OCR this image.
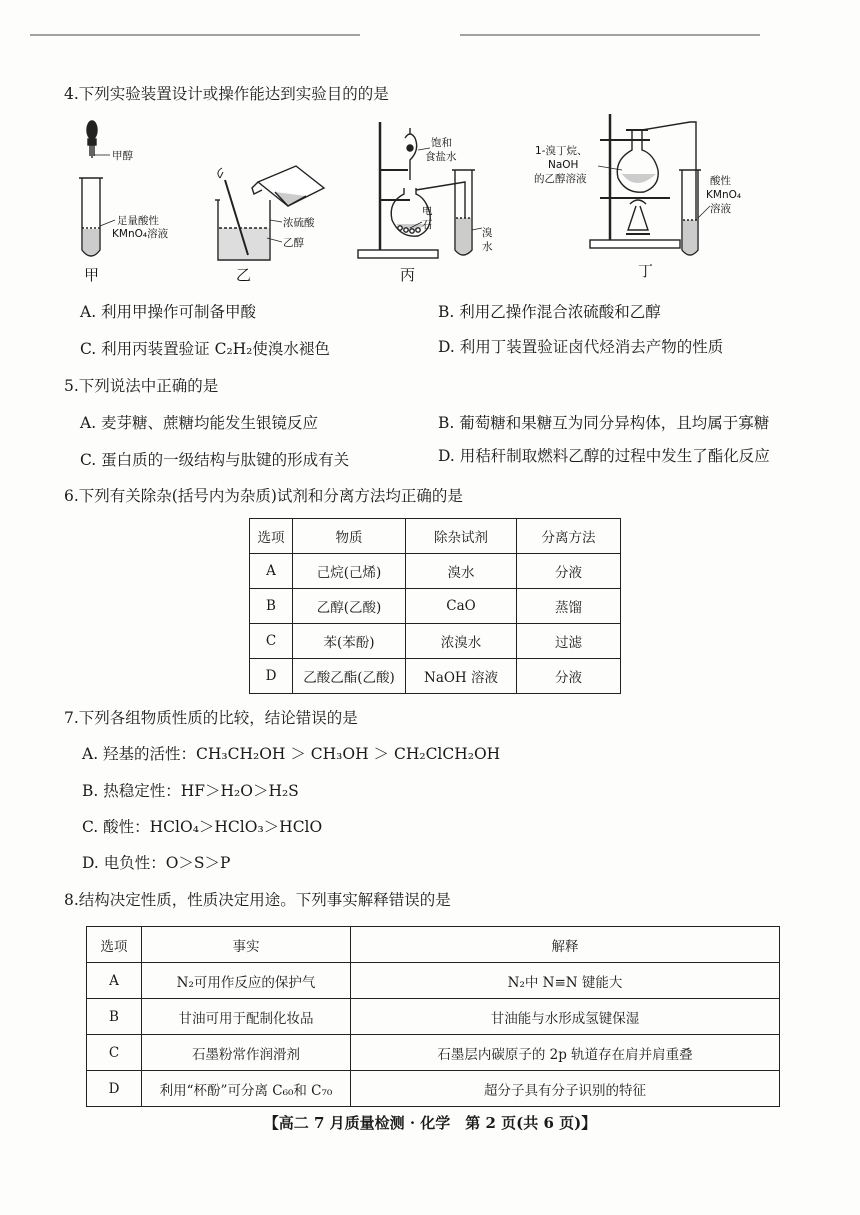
4.下列实验装置设计或操作能达到实验目的的是
甲醇
足量酸性
KMnO₄溶液
甲
浓硫酸
乙醇
乙
饱和
食盐水
电
石
溴
水
丙
1-溴丁烷、
NaOH
的乙醇溶液	酸性
KMnO₄
溶液
丁
A. 利用甲操作可制备甲酸	B. 利用乙操作混合浓硫酸和乙醇
C. 利用丙装置验证 C₂H₂使溴水褪色	D. 利用丁装置验证卤代烃消去产物的性质
5.下列说法中正确的是
A. 麦芽糖、蔗糖均能发生银镜反应	B. 葡萄糖和果糖互为同分异构体，且均属于寡糖
C. 蛋白质的一级结构与肽键的形成有关	D. 用秸秆制取燃料乙醇的过程中发生了酯化反应
6.下列有关除杂(括号内为杂质)试剂和分离方法均正确的是
选项	物质	除杂试剂	分离方法
A	己烷(己烯)	溴水	分液
B	乙醇(乙酸)	CaO	蒸馏
C	苯(苯酚)	浓溴水	过滤
D	乙酸乙酯(乙酸)	NaOH 溶液	分液
7.下列各组物质性质的比较，结论错误的是
A. 羟基的活性：CH₃CH₂OH ＞ CH₃OH ＞ CH₂ClCH₂OH
B. 热稳定性：HF＞H₂O＞H₂S
C. 酸性：HClO₄＞HClO₃＞HClO
D. 电负性：O＞S＞P
8.结构决定性质，性质决定用途。下列事实解释错误的是
选项	事实	解释
A	N₂可用作反应的保护气	N₂中 N≡N 键能大
B	甘油可用于配制化妆品	甘油能与水形成氢键保湿
C	石墨粉常作润滑剂	石墨层内碳原子的 2p 轨道存在肩并肩重叠
D	利用“杯酚”可分离 C₆₀和 C₇₀	超分子具有分子识别的特征
【高二 7 月质量检测 · 化学　第 2 页(共 6 页)】
